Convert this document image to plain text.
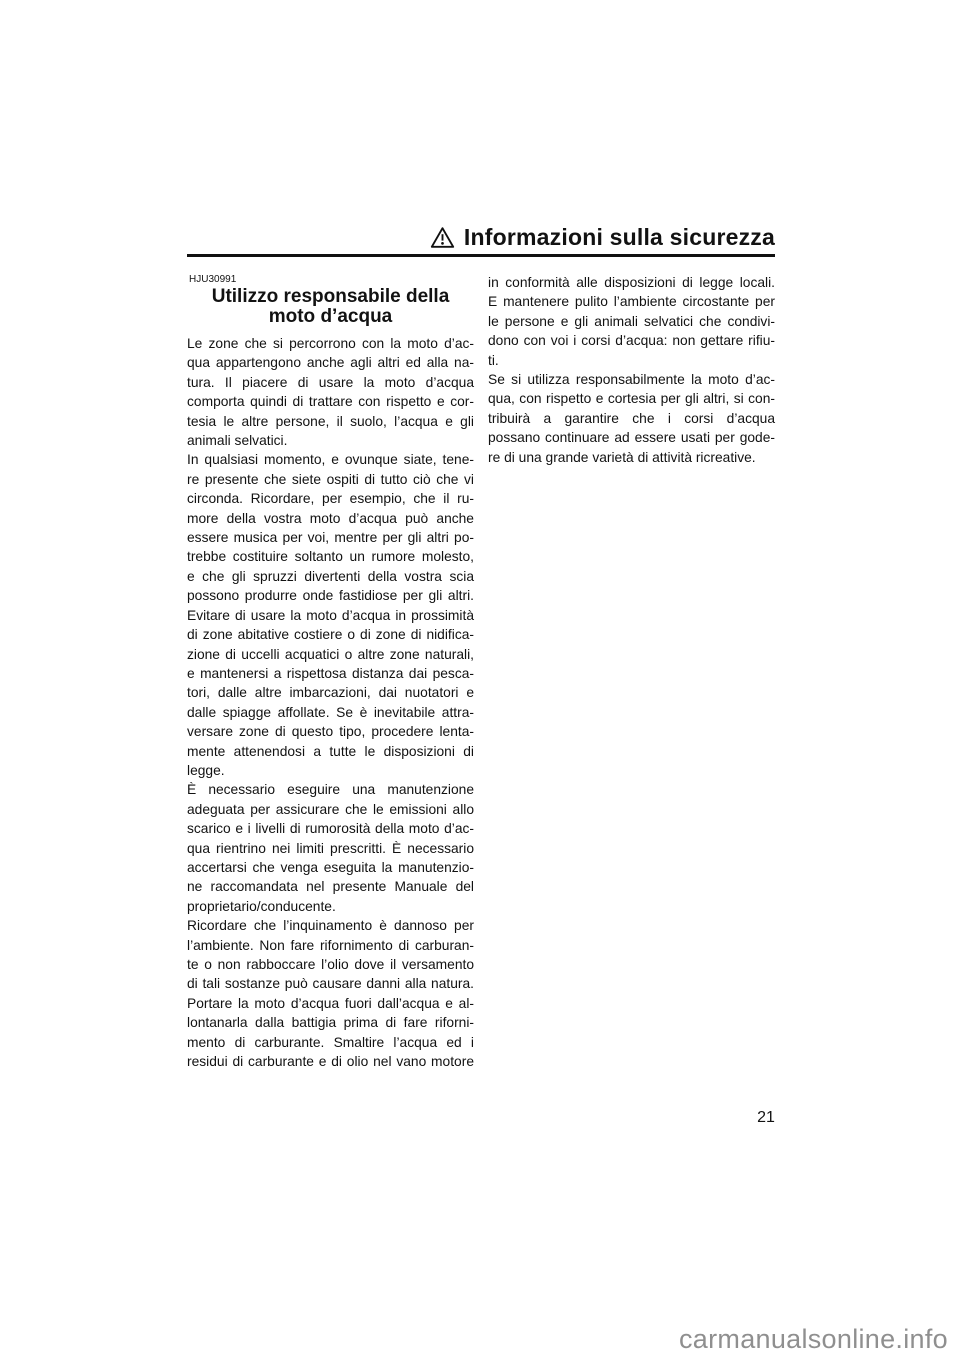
Informazioni sulla sicurezza
HJU30991
Utilizzo responsabile della
moto d’acqua
Le zone che si percorrono con la moto d’ac-
qua appartengono anche agli altri ed alla na-
tura. Il piacere di usare la moto d’acqua
comporta quindi di trattare con rispetto e cor-
tesia le altre persone, il suolo, l’acqua e gli
animali selvatici.
In qualsiasi momento, e ovunque siate, tene-
re presente che siete ospiti di tutto ciò che vi
circonda. Ricordare, per esempio, che il ru-
more della vostra moto d’acqua può anche
essere musica per voi, mentre per gli altri po-
trebbe costituire soltanto un rumore molesto,
e che gli spruzzi divertenti della vostra scia
possono produrre onde fastidiose per gli altri.
Evitare di usare la moto d’acqua in prossimità
di zone abitative costiere o di zone di nidifica-
zione di uccelli acquatici o altre zone naturali,
e mantenersi a rispettosa distanza dai pesca-
tori, dalle altre imbarcazioni, dai nuotatori e
dalle spiagge affollate. Se è inevitabile attra-
versare zone di questo tipo, procedere lenta-
mente attenendosi a tutte le disposizioni di
legge.
È necessario eseguire una manutenzione
adeguata per assicurare che le emissioni allo
scarico e i livelli di rumorosità della moto d’ac-
qua rientrino nei limiti prescritti. È necessario
accertarsi che venga eseguita la manutenzio-
ne raccomandata nel presente Manuale del
proprietario/conducente.
Ricordare che l’inquinamento è dannoso per
l’ambiente. Non fare rifornimento di carburan-
te o non rabboccare l’olio dove il versamento
di tali sostanze può causare danni alla natura.
Portare la moto d’acqua fuori dall’acqua e al-
lontanarla dalla battigia prima di fare riforni-
mento di carburante. Smaltire l’acqua ed i
residui di carburante e di olio nel vano motore
in conformità alle disposizioni di legge locali.
E mantenere pulito l’ambiente circostante per
le persone e gli animali selvatici che condivi-
dono con voi i corsi d’acqua: non gettare rifiu-
ti.
Se si utilizza responsabilmente la moto d’ac-
qua, con rispetto e cortesia per gli altri, si con-
tribuirà a garantire che i corsi d’acqua
possano continuare ad essere usati per gode-
re di una grande varietà di attività ricreative.
21
carmanualsonline.info
